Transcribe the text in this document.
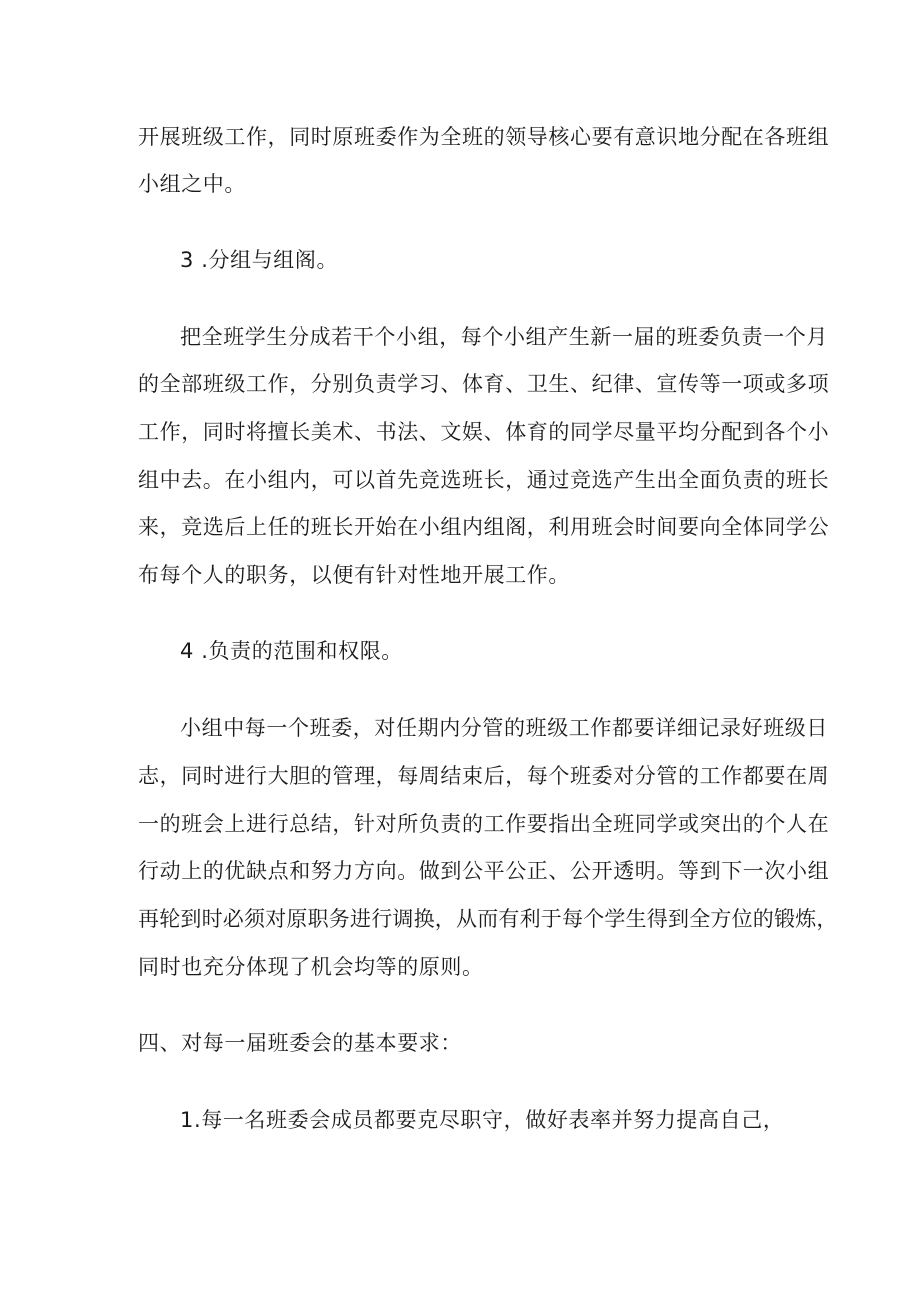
开展班级工作，同时原班委作为全班的领导核心要有意识地分配在各班组
小组之中。
3 .分组与组阁。
把全班学生分成若干个小组，每个小组产生新一届的班委负责一个月
的全部班级工作，分别负责学习、体育、卫生、纪律、宣传等一项或多项
工作，同时将擅长美术、书法、文娱、体育的同学尽量平均分配到各个小
组中去。在小组内，可以首先竞选班长，通过竞选产生出全面负责的班长
来，竞选后上任的班长开始在小组内组阁，利用班会时间要向全体同学公
布每个人的职务，以便有针对性地开展工作。
4 .负责的范围和权限。
小组中每一个班委，对任期内分管的班级工作都要详细记录好班级日
志，同时进行大胆的管理，每周结束后，每个班委对分管的工作都要在周
一的班会上进行总结，针对所负责的工作要指出全班同学或突出的个人在
行动上的优缺点和努力方向。做到公平公正、公开透明。等到下一次小组
再轮到时必须对原职务进行调换，从而有利于每个学生得到全方位的锻炼，
同时也充分体现了机会均等的原则。
四、对每一届班委会的基本要求：
1.每一名班委会成员都要克尽职守，做好表率并努力提高自己，
